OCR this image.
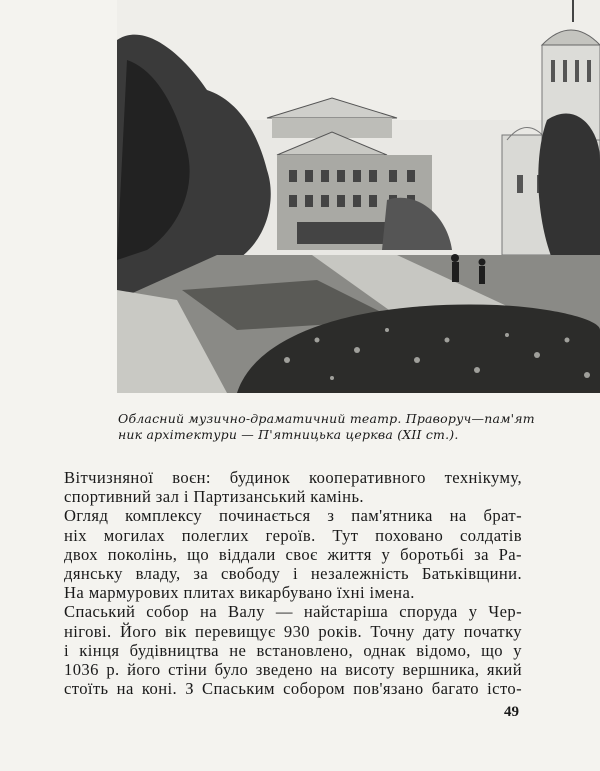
Обласний музично-драматичний театр. Праворуч—пам'ят
ник архітектури — П'ятницька церква (XII ст.).
Вітчизняної воєн: будинок кооперативного технікуму,
спортивний зал і Партизанський камінь.
Огляд комплексу починається з пам'ятника на брат-
ніх могилах полеглих героїв. Тут поховано солдатів
двох поколінь, що віддали своє життя у боротьбі за Ра-
дянську владу, за свободу і незалежність Батьківщини.
На мармурових плитах викарбувано їхні імена.
Спаський собор на Валу — найстаріша споруда у Чер-
нігові. Його вік перевищує 930 років. Точну дату початку
і кінця будівництва не встановлено, однак відомо, що у
1036 р. його стіни було зведено на висоту вершника, який
стоїть на коні. З Спаським собором пов'язано багато істо-
49
